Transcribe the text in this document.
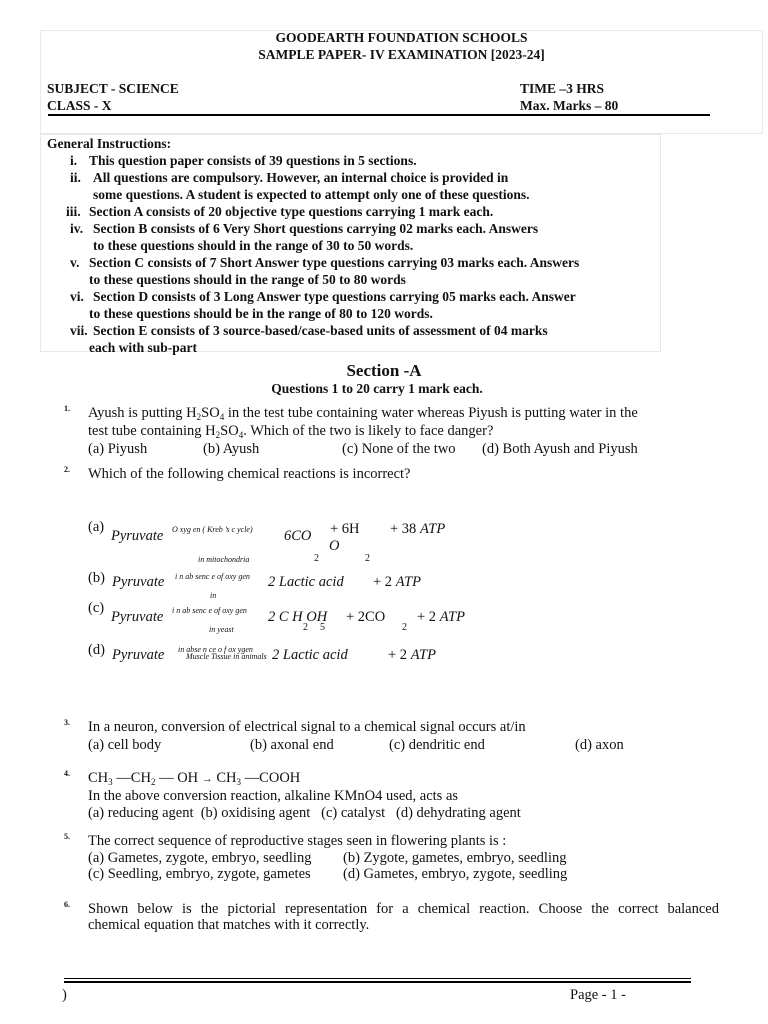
GOODEARTH FOUNDATION SCHOOLS
SAMPLE PAPER- IV EXAMINATION [2023-24]
SUBJECT - SCIENCE	TIME –3 HRS
CLASS - X	Max. Marks – 80
General Instructions:
i. This question paper consists of 39 questions in 5 sections.
ii. All questions are compulsory. However, an internal choice is provided in
some questions. A student is expected to attempt only one of these questions.
iii. Section A consists of 20 objective type questions carrying 1 mark each.
iv. Section B consists of 6 Very Short questions carrying 02 marks each. Answers
to these questions should in the range of 30 to 50 words.
v. Section C consists of 7 Short Answer type questions carrying 03 marks each. Answers
to these questions should in the range of 50 to 80 words
vi. Section D consists of 3 Long Answer type questions carrying 05 marks each. Answer
to these questions should be in the range of 80 to 120 words.
vii. Section E consists of 3 source-based/case-based units of assessment of 04 marks
each with sub-part
Section -A
Questions 1 to 20 carry 1 mark each.
1. Ayush is putting $H_2SO_4$ in the test tube containing water whereas Piyush is putting water in the
test tube containing $H_2SO_4$. Which of the two is likely to face danger?
(a) Piyush	(b) Ayush	(c) None of the two (d) Both Ayush and Piyush
2. Which of the following chemical reactions is incorrect?
(a)
Pyruvate O xyg en ( Kreb ’s c ycle)
in mitochondria
6CO
2
+ 6H
O
2
+ 38 ATP
(b) Pyruvate i n ab senc e of oxy gen
in
2 Lactic acid + 2 ATP
(c)
Pyruvate i n ab senc e of oxy gen
in yeast
2 C H OH
2 5
+ 2CO
2
+ 2 ATP
(d) Pyruvate in abse n ce o f ox ygen
Muscle Tissue in animals 2 Lactic acid	+ 2 ATP
3. In a neuron, conversion of electrical signal to a chemical signal occurs at/in
(a) cell body	(b) axonal end	(c) dendritic end	(d) axon
4. $CH_3$ $—CH_2$ — OH → $CH_3$ —COOH
In the above conversion reaction, alkaline KMnO4 used, acts as
(a) reducing agent  (b) oxidising agent   (c) catalyst   (d) dehydrating agent
5. The correct sequence of reproductive stages seen in flowering plants is :
(a) Gametes, zygote, embryo, seedling (b) Zygote, gametes, embryo, seedling
(c) Seedling, embryo, zygote, gametes (d) Gametes, embryo, zygote, seedling
6. Shown below is the pictorial representation for a chemical reaction. Choose the correct balanced
chemical equation that matches with it correctly.
)	Page - 1 -
